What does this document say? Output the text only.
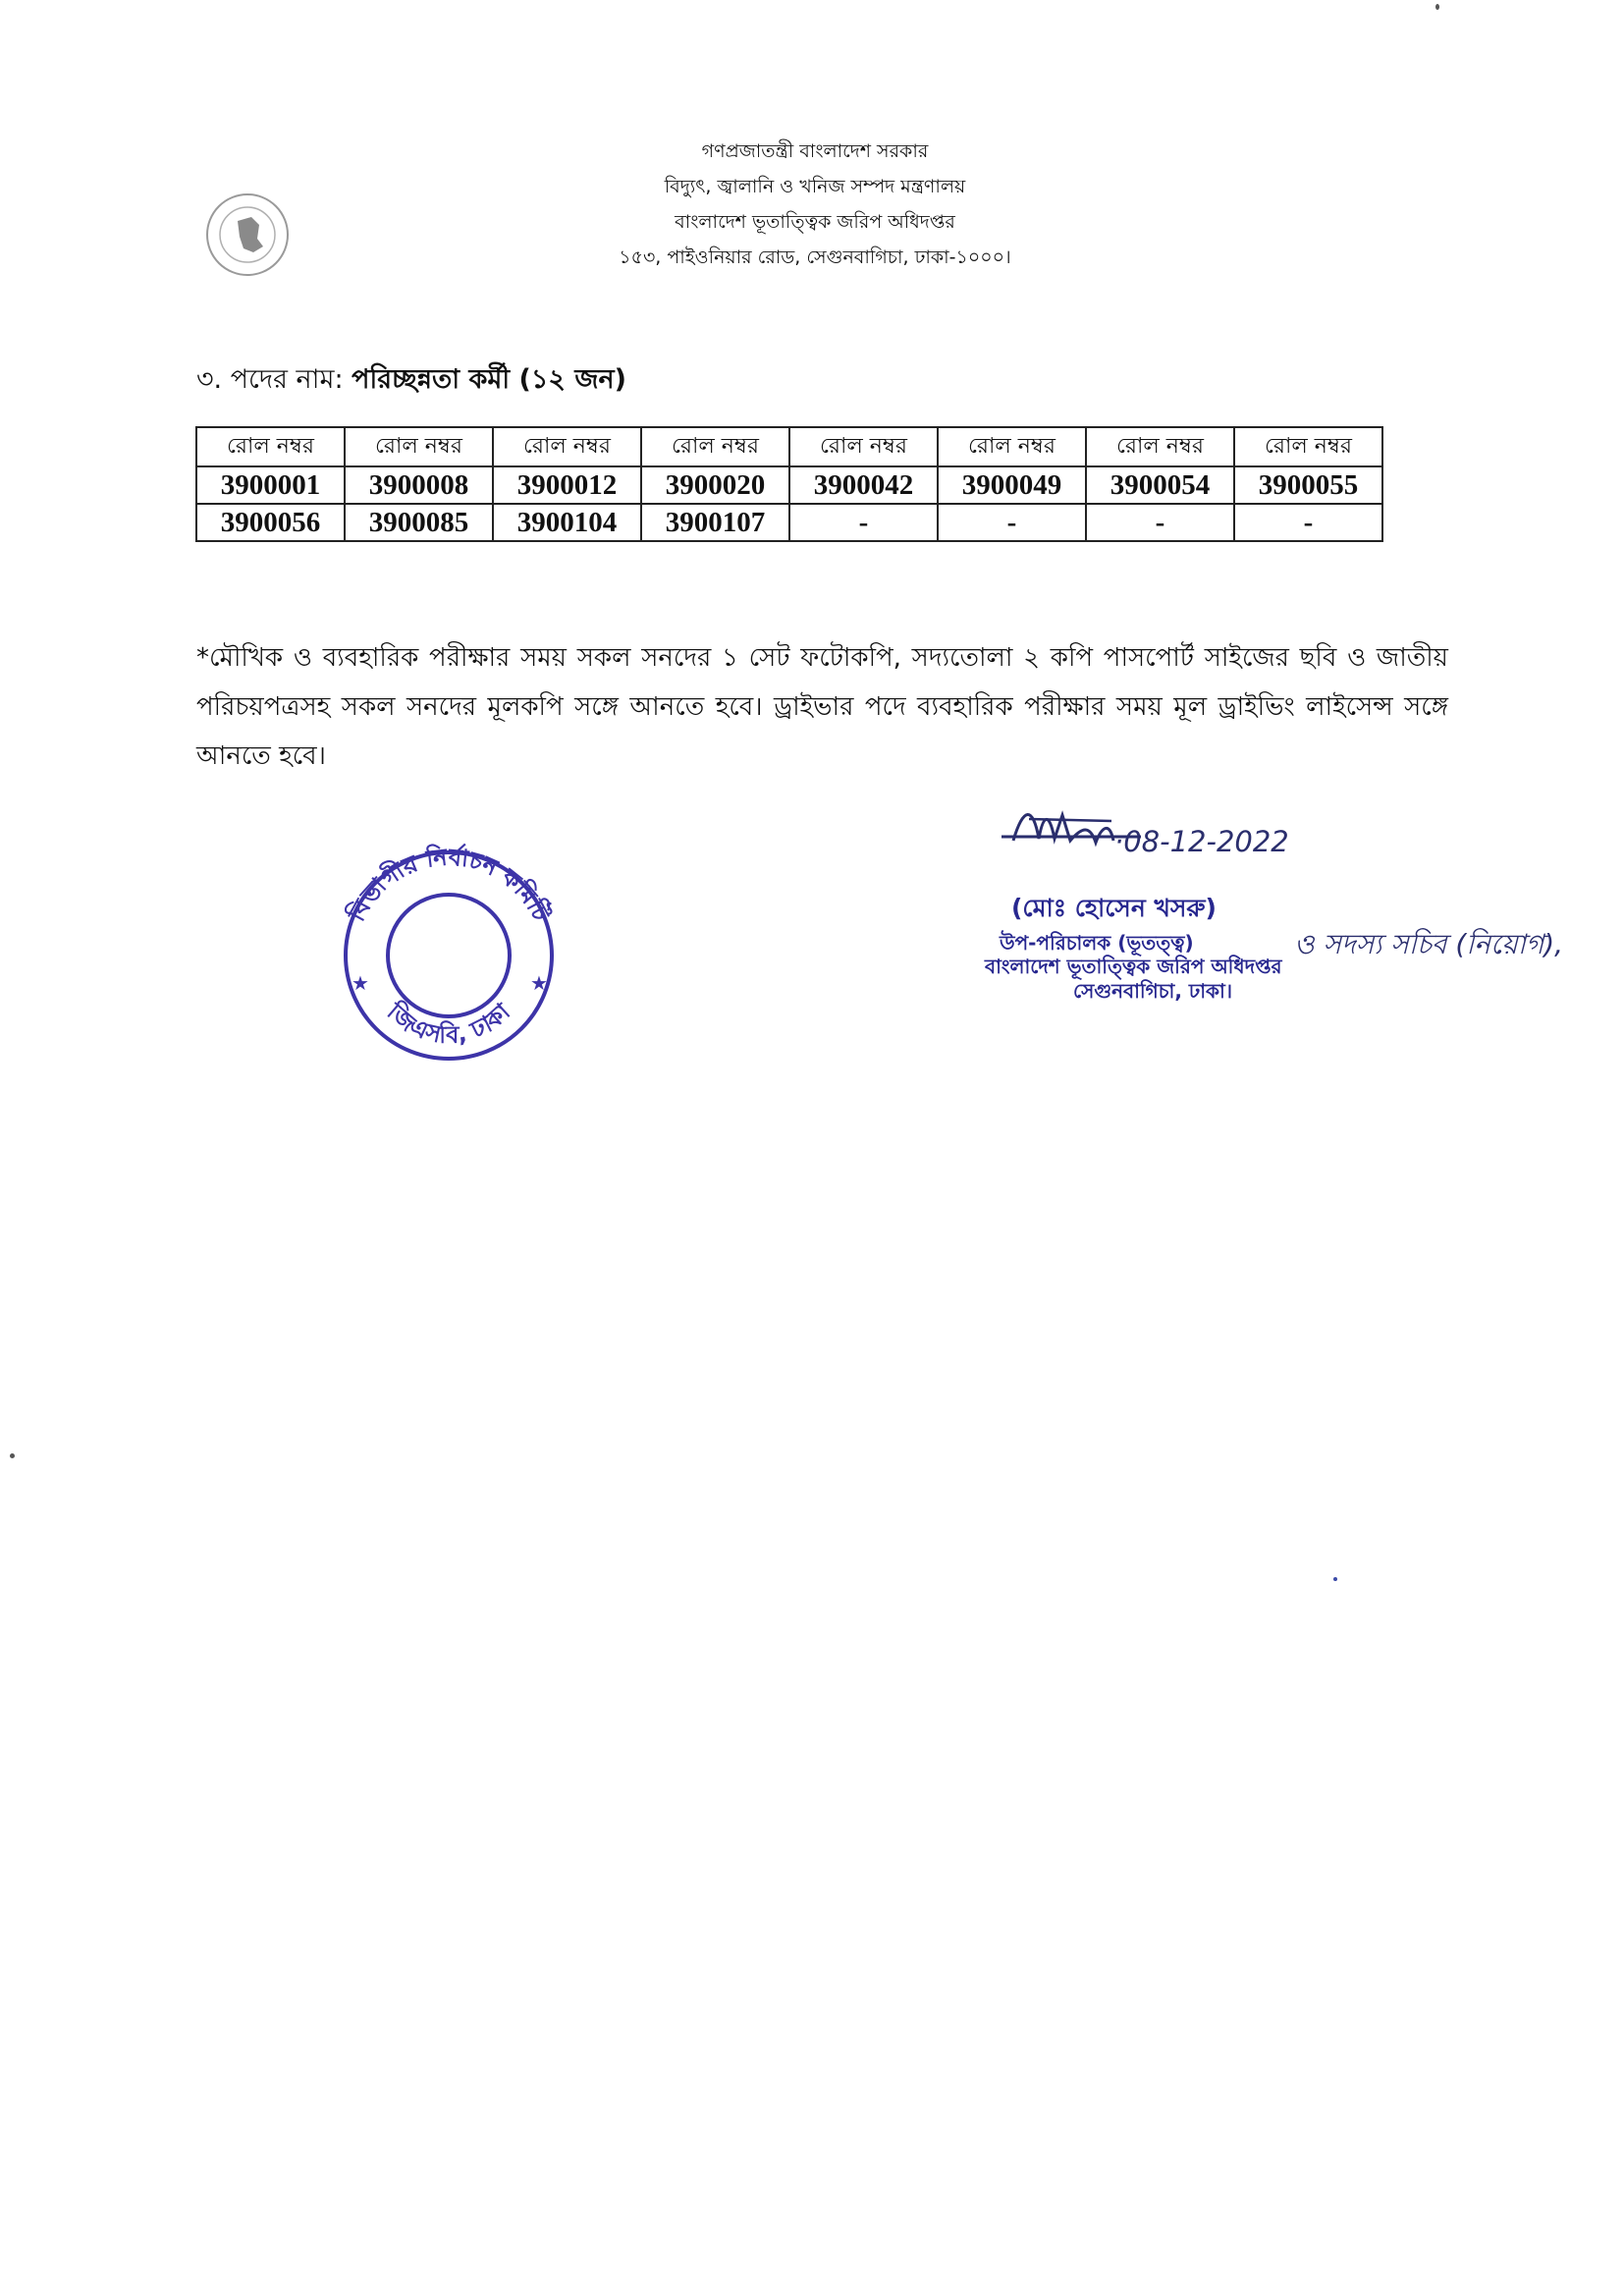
গণপ্রজাতন্ত্রী বাংলাদেশ সরকার
বিদ্যুৎ, জ্বালানি ও খনিজ সম্পদ মন্ত্রণালয়
বাংলাদেশ ভূতাত্ত্বিক জরিপ অধিদপ্তর
১৫৩, পাইওনিয়ার রোড, সেগুনবাগিচা, ঢাকা-১০০০।
৩. পদের নাম: পরিচ্ছন্নতা কর্মী (১২ জন)
রোল নম্বর	রোল নম্বর	রোল নম্বর	রোল নম্বর	রোল নম্বর	রোল নম্বর	রোল নম্বর	রোল নম্বর
3900001	3900008	3900012	3900020	3900042	3900049	3900054	3900055
3900056	3900085	3900104	3900107	-	-	-	-
*মৌখিক ও ব্যবহারিক পরীক্ষার সময় সকল সনদের ১ সেট ফটোকপি, সদ্যতোলা ২ কপি পাসপোর্ট সাইজের ছবি ও জাতীয় পরিচয়পত্রসহ সকল সনদের মূলকপি সঙ্গে আনতে হবে। ড্রাইভার পদে ব্যবহারিক পরীক্ষার সময় মূল ড্রাইভিং লাইসেন্স সঙ্গে আনতে হবে।
বিভাগীয় নির্বাচন কমিটি
জিএসবি, ঢাকা
★	★
·08-12-2022
(মোঃ হোসেন খসরু)
উপ-পরিচালক (ভূতত্ত্ব)	ও সদস্য সচিব (নিয়োগ),
বাংলাদেশ ভূতাত্ত্বিক জরিপ অধিদপ্তর
সেগুনবাগিচা, ঢাকা।
